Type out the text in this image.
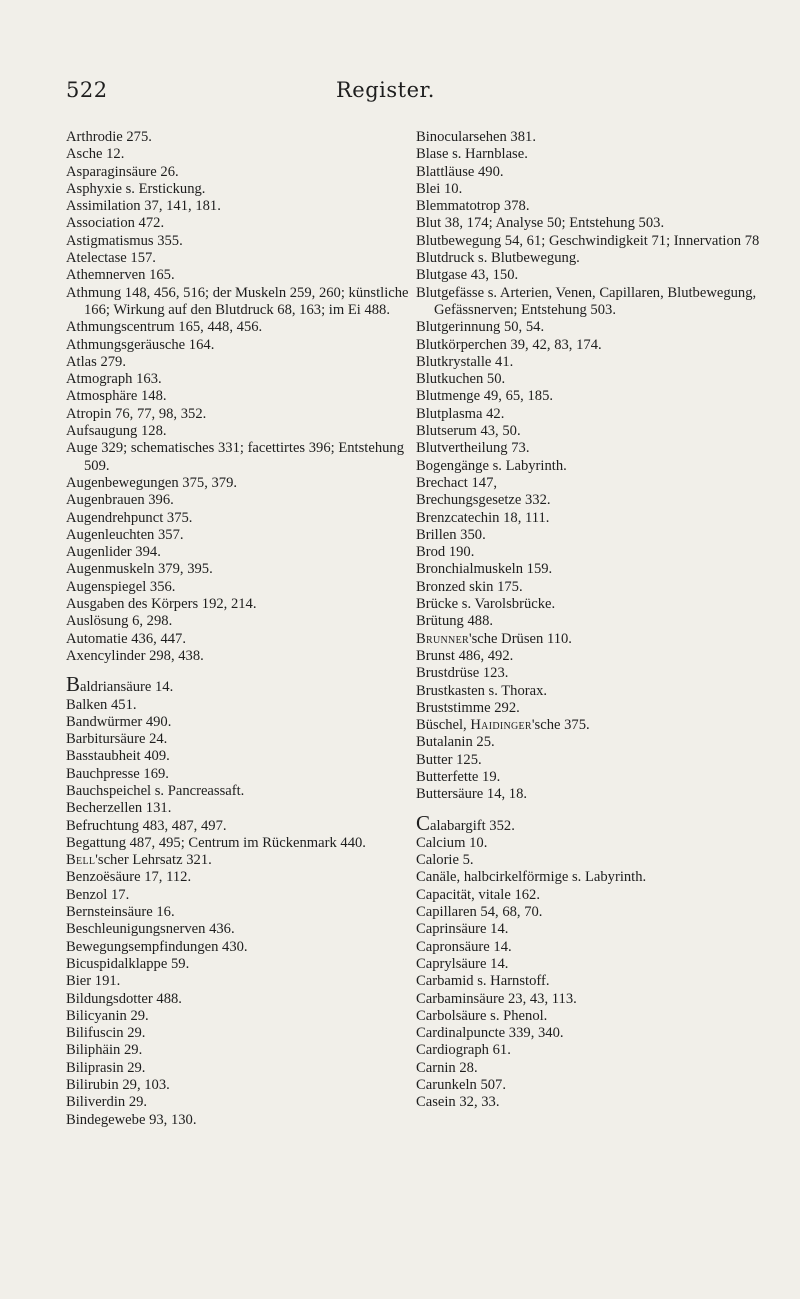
522	Register.
Arthrodie 275.
Asche 12.
Asparaginsäure 26.
Asphyxie s. Erstickung.
Assimilation 37, 141, 181.
Association 472.
Astigmatismus 355.
Atelectase 157.
Athemnerven 165.
Athmung 148, 456, 516; der Muskeln 259, 260; künstliche 166; Wirkung auf den Blutdruck 68, 163; im Ei 488.
Athmungscentrum 165, 448, 456.
Athmungsgeräusche 164.
Atlas 279.
Atmograph 163.
Atmosphäre 148.
Atropin 76, 77, 98, 352.
Aufsaugung 128.
Auge 329; schematisches 331; facettirtes 396; Entstehung 509.
Augenbewegungen 375, 379.
Augenbrauen 396.
Augendrehpunct 375.
Augenleuchten 357.
Augenlider 394.
Augenmuskeln 379, 395.
Augenspiegel 356.
Ausgaben des Körpers 192, 214.
Auslösung 6, 298.
Automatie 436, 447.
Axencylinder 298, 438.
Baldriansäure 14.
Balken 451.
Bandwürmer 490.
Barbitursäure 24.
Basstaubheit 409.
Bauchpresse 169.
Bauchspeichel s. Pancreassaft.
Becherzellen 131.
Befruchtung 483, 487, 497.
Begattung 487, 495; Centrum im Rückenmark 440.
Bell'scher Lehrsatz 321.
Benzoësäure 17, 112.
Benzol 17.
Bernsteinsäure 16.
Beschleunigungsnerven 436.
Bewegungsempfindungen 430.
Bicuspidalklappe 59.
Bier 191.
Bildungsdotter 488.
Bilicyanin 29.
Bilifuscin 29.
Biliphäin 29.
Biliprasin 29.
Bilirubin 29, 103.
Biliverdin 29.
Bindegewebe 93, 130.
Binocularsehen 381.
Blase s. Harnblase.
Blattläuse 490.
Blei 10.
Blemmatotrop 378.
Blut 38, 174; Analyse 50; Entstehung 503.
Blutbewegung 54, 61; Geschwindigkeit 71; Innervation 78
Blutdruck s. Blutbewegung.
Blutgase 43, 150.
Blutgefässe s. Arterien, Venen, Capillaren, Blutbewegung, Gefässnerven; Entstehung 503.
Blutgerinnung 50, 54.
Blutkörperchen 39, 42, 83, 174.
Blutkrystalle 41.
Blutkuchen 50.
Blutmenge 49, 65, 185.
Blutplasma 42.
Blutserum 43, 50.
Blutvertheilung 73.
Bogengänge s. Labyrinth.
Brechact 147,
Brechungsgesetze 332.
Brenzcatechin 18, 111.
Brillen 350.
Brod 190.
Bronchialmuskeln 159.
Bronzed skin 175.
Brücke s. Varolsbrücke.
Brütung 488.
Brunner'sche Drüsen 110.
Brunst 486, 492.
Brustdrüse 123.
Brustkasten s. Thorax.
Bruststimme 292.
Büschel, Haidinger'sche 375.
Butalanin 25.
Butter 125.
Butterfette 19.
Buttersäure 14, 18.
Calabargift 352.
Calcium 10.
Calorie 5.
Canäle, halbcirkelförmige s. Labyrinth.
Capacität, vitale 162.
Capillaren 54, 68, 70.
Caprinsäure 14.
Capronsäure 14.
Caprylsäure 14.
Carbamid s. Harnstoff.
Carbaminsäure 23, 43, 113.
Carbolsäure s. Phenol.
Cardinalpuncte 339, 340.
Cardiograph 61.
Carnin 28.
Carunkeln 507.
Casein 32, 33.
